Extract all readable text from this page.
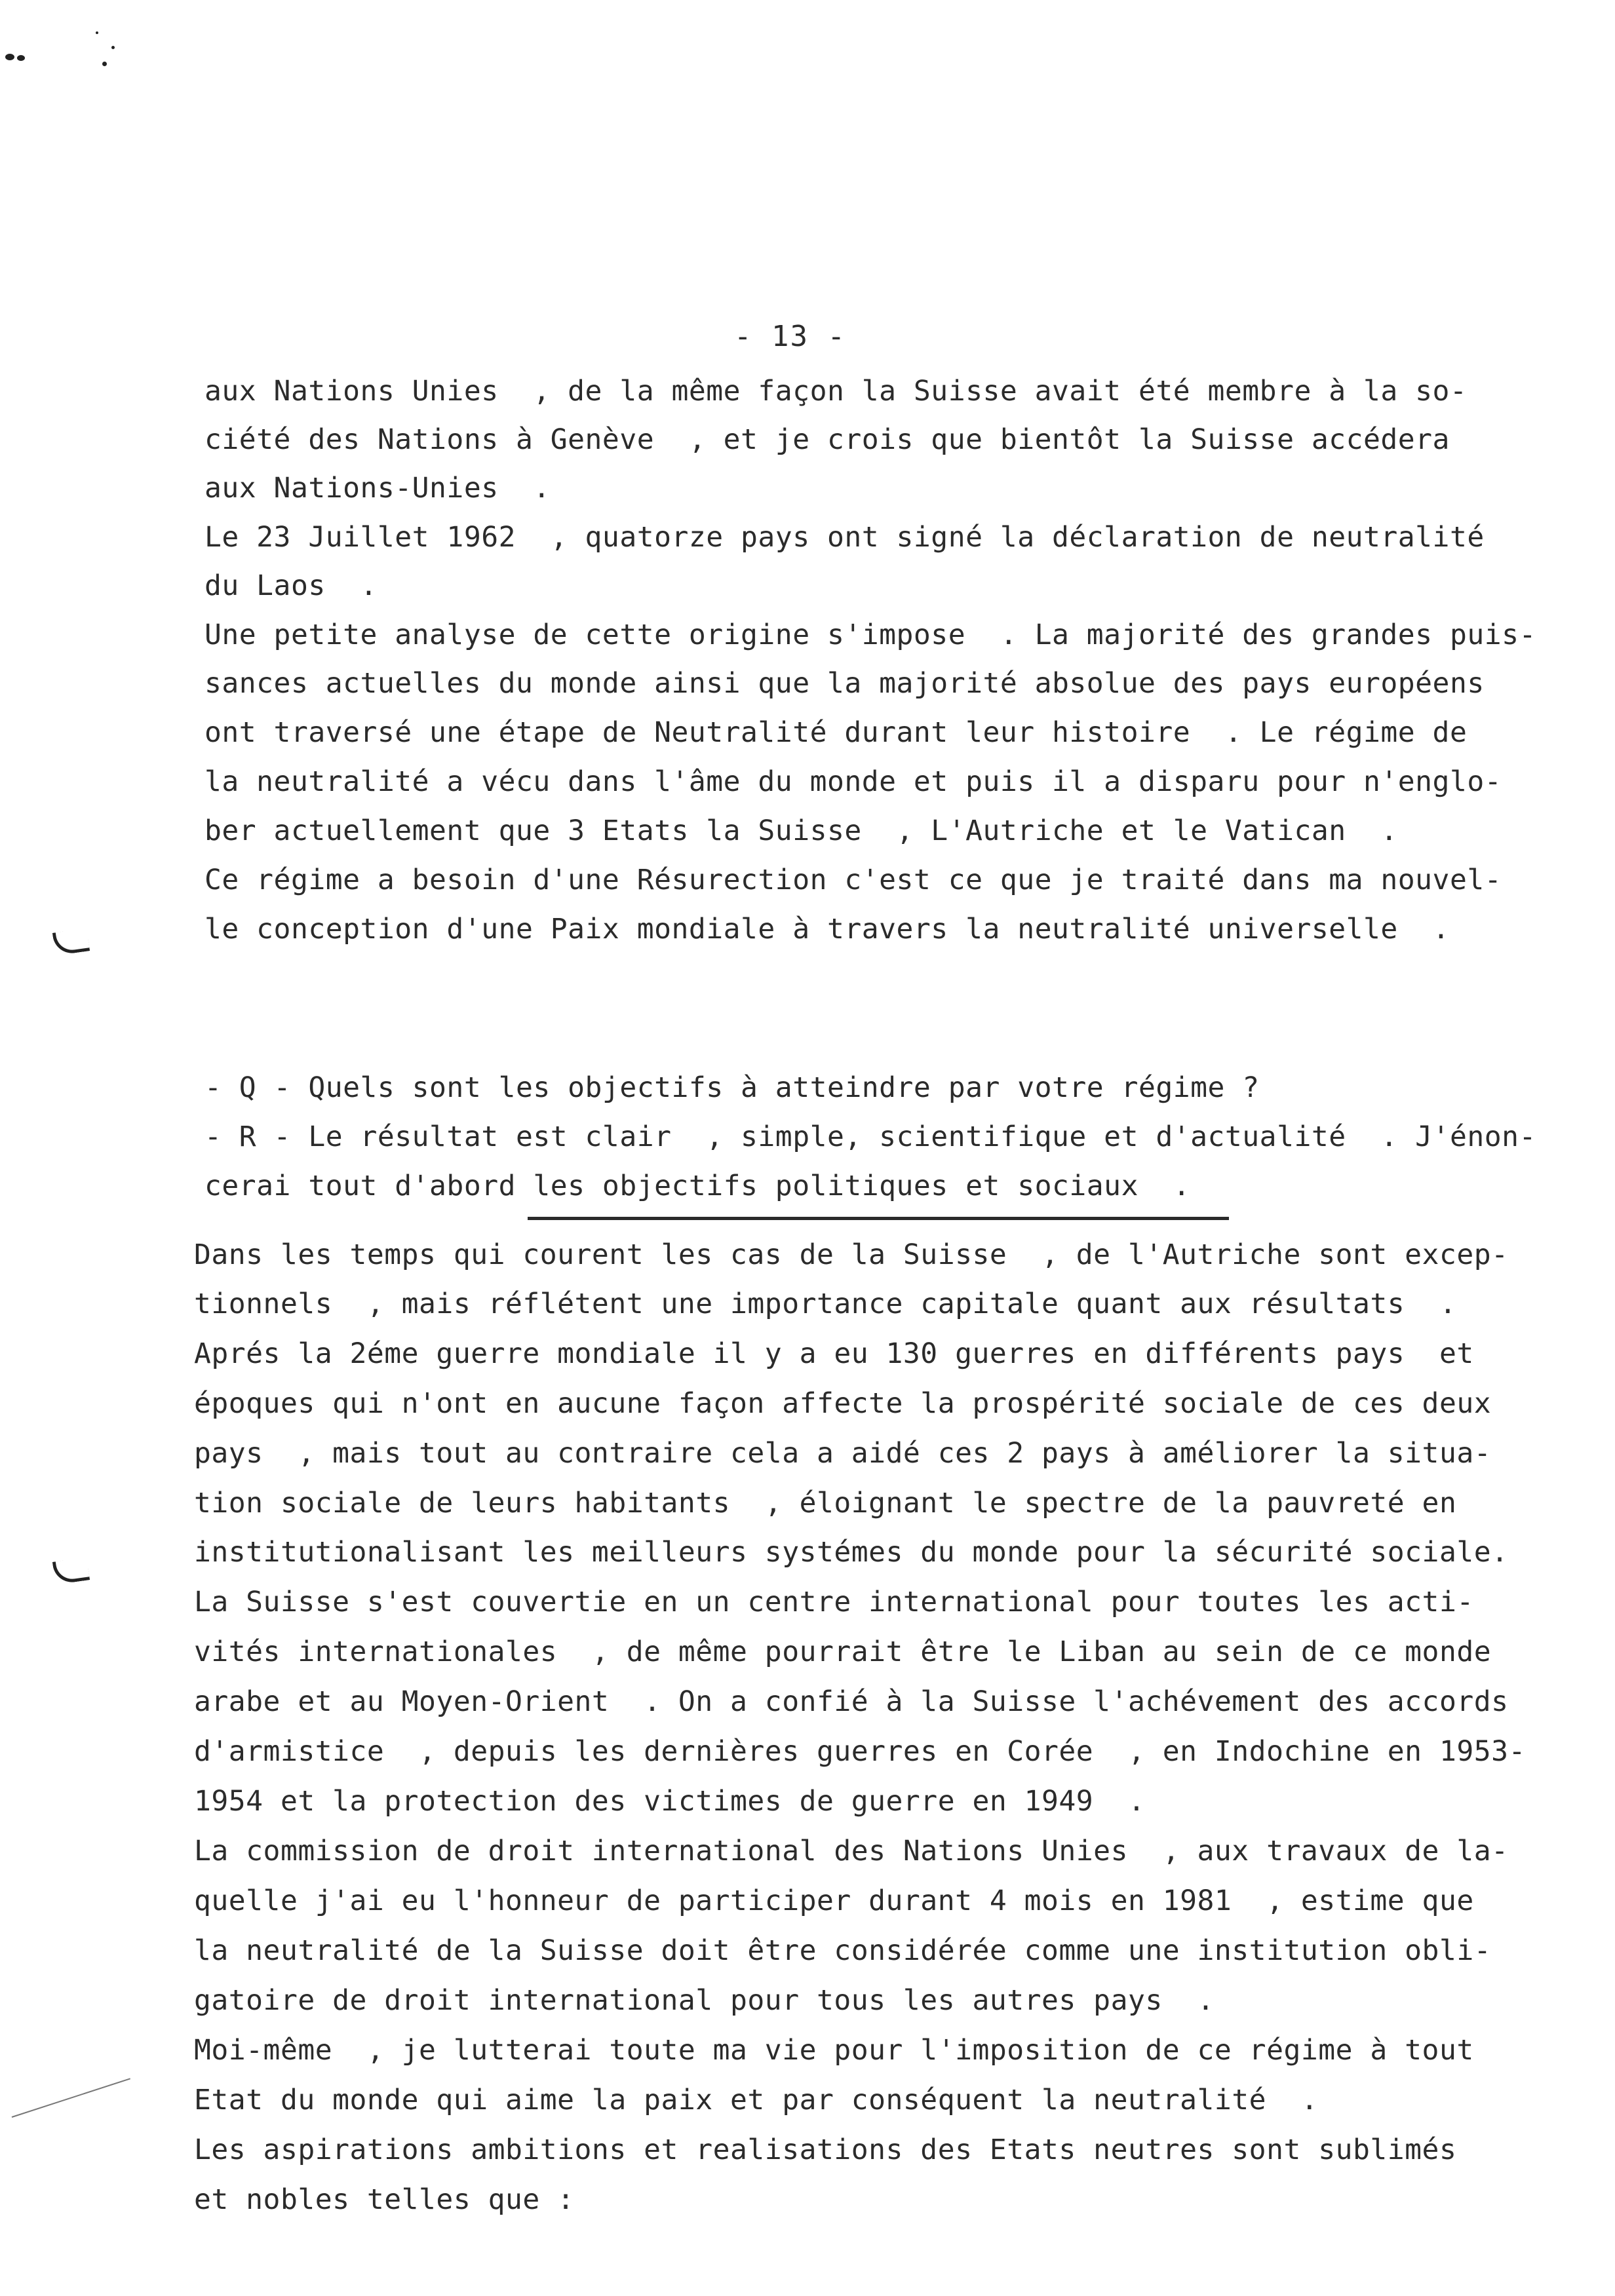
- 13 -
aux Nations Unies  , de la même façon la Suisse avait été membre à la so-
ciété des Nations à Genève  , et je crois que bientôt la Suisse accédera
aux Nations-Unies  .
Le 23 Juillet 1962  , quatorze pays ont signé la déclaration de neutralité
du Laos  .
Une petite analyse de cette origine s'impose  . La majorité des grandes puis-
sances actuelles du monde ainsi que la majorité absolue des pays européens
ont traversé une étape de Neutralité durant leur histoire  . Le régime de
la neutralité a vécu dans l'âme du monde et puis il a disparu pour n'englo-
ber actuellement que 3 Etats la Suisse  , L'Autriche et le Vatican  .
Ce régime a besoin d'une Résurection c'est ce que je traité dans ma nouvel-
le conception d'une Paix mondiale à travers la neutralité universelle  .
- Q - Quels sont les objectifs à atteindre par votre régime ?
- R - Le résultat est clair  , simple, scientifique et d'actualité  . J'énon-
cerai tout d'abord les objectifs politiques et sociaux  .
Dans les temps qui courent les cas de la Suisse  , de l'Autriche sont excep-
tionnels  , mais réflétent une importance capitale quant aux résultats  .
Aprés la 2éme guerre mondiale il y a eu 130 guerres en différents pays  et
époques qui n'ont en aucune façon affecte la prospérité sociale de ces deux
pays  , mais tout au contraire cela a aidé ces 2 pays à améliorer la situa-
tion sociale de leurs habitants  , éloignant le spectre de la pauvreté en
institutionalisant les meilleurs systémes du monde pour la sécurité sociale.
La Suisse s'est couvertie en un centre international pour toutes les acti-
vités internationales  , de même pourrait être le Liban au sein de ce monde
arabe et au Moyen-Orient  . On a confié à la Suisse l'achévement des accords
d'armistice  , depuis les dernières guerres en Corée  , en Indochine en 1953-
1954 et la protection des victimes de guerre en 1949  .
La commission de droit international des Nations Unies  , aux travaux de la-
quelle j'ai eu l'honneur de participer durant 4 mois en 1981  , estime que
la neutralité de la Suisse doit être considérée comme une institution obli-
gatoire de droit international pour tous les autres pays  .
Moi-même  , je lutterai toute ma vie pour l'imposition de ce régime à tout
Etat du monde qui aime la paix et par conséquent la neutralité  .
Les aspirations ambitions et realisations des Etats neutres sont sublimés
et nobles telles que :
